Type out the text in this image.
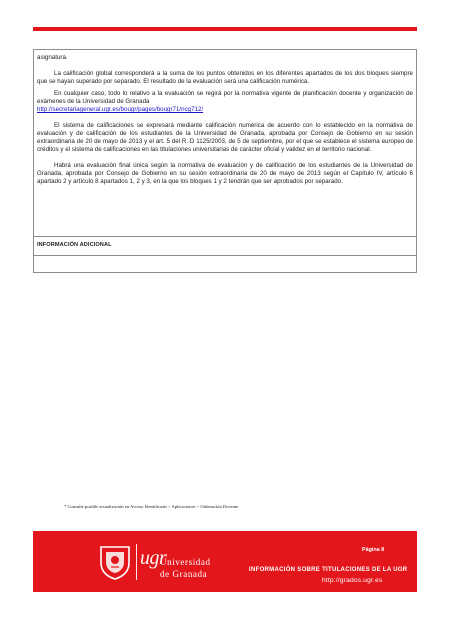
asignatura.

La calificación global corresponderá a la suma de los puntos obtenidos en los diferentes apartados de los dos bloques siempre que se hayan superado por separado. El resultado de la evaluación será una calificación numérica.

En cualquier caso, todo lo relativo a la evaluación se regirá por la normativa vigente de planificación docente y organización de exámenes de la Universidad de Granada
http://secretariageneral.ugr.es/bougr/pages/bougr71/ncg712/

El sistema de calificaciones se expresará mediante calificación numérica de acuerdo con lo establecido en la normativa de evaluación y de calificación de los estudiantes de la Universidad de Granada, aprobada por Consejo de Gobierno en su sesión extraordinaria de 20 de mayo de 2013 y el art. 5 del R. D 1125/2003, de 5 de septiembre, por el que se establece el sistema europeo de créditos y el sistema de calificaciones en las titulaciones universitarias de carácter oficial y validez en el territorio nacional.

Habrá una evaluación final única según la normativa de evaluación y de calificación de los estudiantes de la Universidad de Granada, aprobada por Consejo de Gobierno en su sesión extraordinaria de 20 de mayo de 2013 según el Capítulo IV, artículo 6 apartado 2 y artículo 8 apartados 1, 2 y 3, en la que los bloques 1 y 2 tendrán que ser aprobados por separado.

INFORMACIÓN ADICIONAL
* Consulte posible actualización en Acceso Identificado > Aplicaciones > Ordenación Docente.
ugr
Universidad
de Granada
Página 8
INFORMACIÓN SOBRE TITULACIONES DE LA UGR
http://grados.ugr.es
